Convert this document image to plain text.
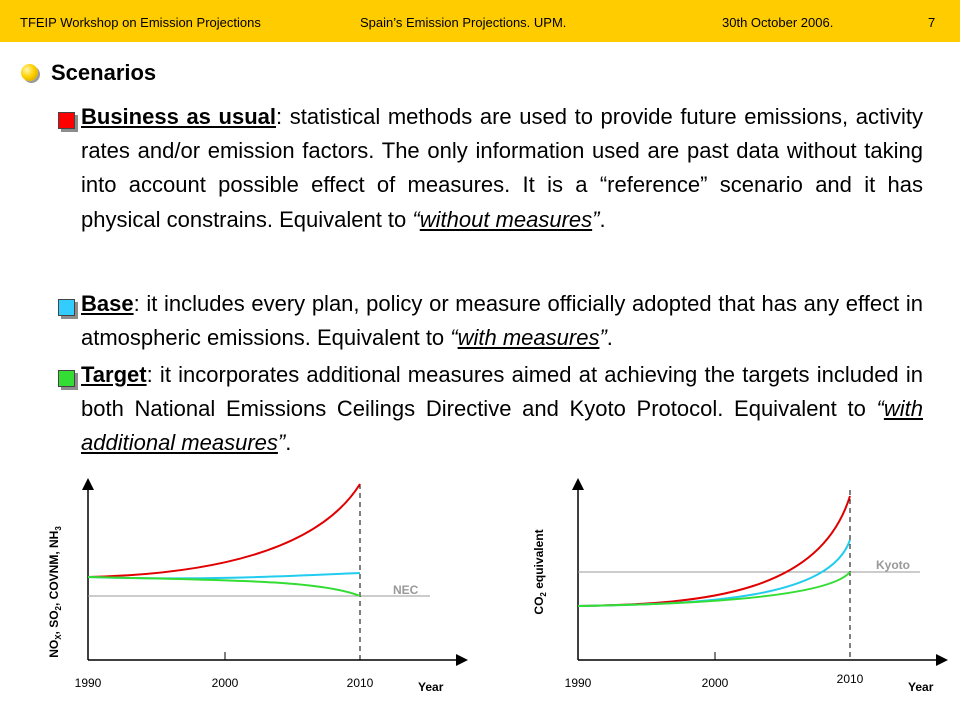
TFEIP Workshop on Emission Projections	Spain’s Emission Projections. UPM.	30th October 2006.	7
Scenarios
Business as usual: statistical methods are used to provide future emissions, activity rates and/or emission factors. The only information used are past data without taking into account possible effect of measures. It is a “reference” scenario and it has physical constrains. Equivalent to “without measures”.
Base: it includes every plan, policy or measure officially adopted that has any effect in atmospheric emissions. Equivalent to “with measures”.
Target: it incorporates additional measures aimed at achieving the targets included in both National Emissions Ceilings Directive and Kyoto Protocol. Equivalent to “with additional measures”.
$NO_X$, $SO_2$, COVNM, $NH_3$
NEC
1990	2000	2010	Year
$CO_2$ equivalent	Kyoto
1990	2000	2010
Year
